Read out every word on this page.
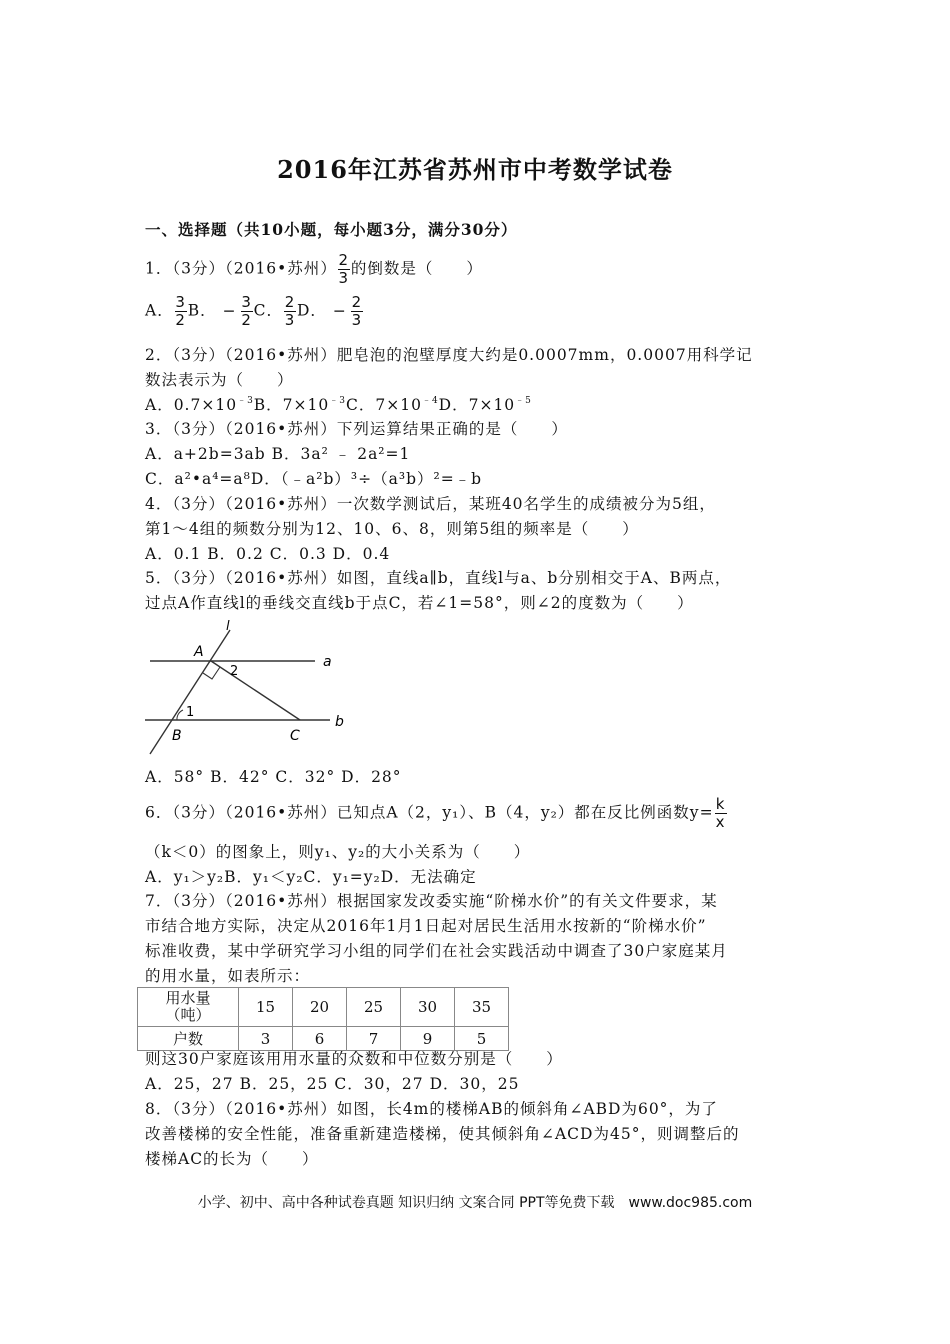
2016年江苏省苏州市中考数学试卷
一、选择题（共10小题，每小题3分，满分30分）
1．（3分）（2016•苏州） $\frac{2}{3}$ 的倒数是（　　）
A． $\frac{3}{2}$ B． − $\frac{3}{2}$ C． $\frac{2}{3}$ D． − $\frac{2}{3}$
2．（3分）（2016•苏州）肥皂泡的泡壁厚度大约是0.0007mm，0.0007用科学记
数法表示为（　　）
A．$0.7\times 10^{﹣3}B$．$7\times 10^{﹣3}C$．$7\times 10^{﹣4}D$．$7\times 10^{﹣5}$
3．（3分）（2016•苏州）下列运算结果正确的是（　　）
A．a+2b=3ab B．3a² ﹣ 2a²=1
C．a²•a⁴=a⁸D．（﹣a²b）³÷（a³b）²=﹣b
4．（3分）（2016•苏州）一次数学测试后，某班40名学生的成绩被分为5组，
第1～4组的频数分别为12、10、6、8，则第5组的频率是（　　）
A．0.1 B．0.2 C．0.3 D．0.4
5．（3分）（2016•苏州）如图，直线a∥b，直线l与a、b分别相交于A、B两点，
过点A作直线l的垂线交直线b于点C，若∠1=58°，则∠2的度数为（　　）
l
a
b
A
B	C
1
2
A．58° B．42° C．32° D．28°
6．（3分）（2016•苏州）已知点A（2，y₁）、B（4，y₂）都在反比例函数$y= \frac{k}{x}$
（k＜0）的图象上，则y₁、y₂的大小关系为（　　）
A．y₁＞y₂B．y₁＜y₂C．y₁=y₂D．无法确定
7．（3分）（2016•苏州）根据国家发改委实施“阶梯水价”的有关文件要求，某
市结合地方实际，决定从2016年1月1日起对居民生活用水按新的“阶梯水价”
标准收费，某中学研究学习小组的同学们在社会实践活动中调查了30户家庭某月
的用水量，如表所示：
用水量
（吨）	15	20	25	30	35
户数	3	6	7	9	5
则这30户家庭该用用水量的众数和中位数分别是（　　）
A．25，27 B．25，25 C．30，27 D．30，25
8．（3分）（2016•苏州）如图，长4m的楼梯AB的倾斜角∠ABD为60°，为了
改善楼梯的安全性能，准备重新建造楼梯，使其倾斜角∠ACD为45°，则调整后的
楼梯AC的长为（　　）
小学、初中、高中各种试卷真题 知识归纳 文案合同 PPT等免费下载　www.doc985.com
